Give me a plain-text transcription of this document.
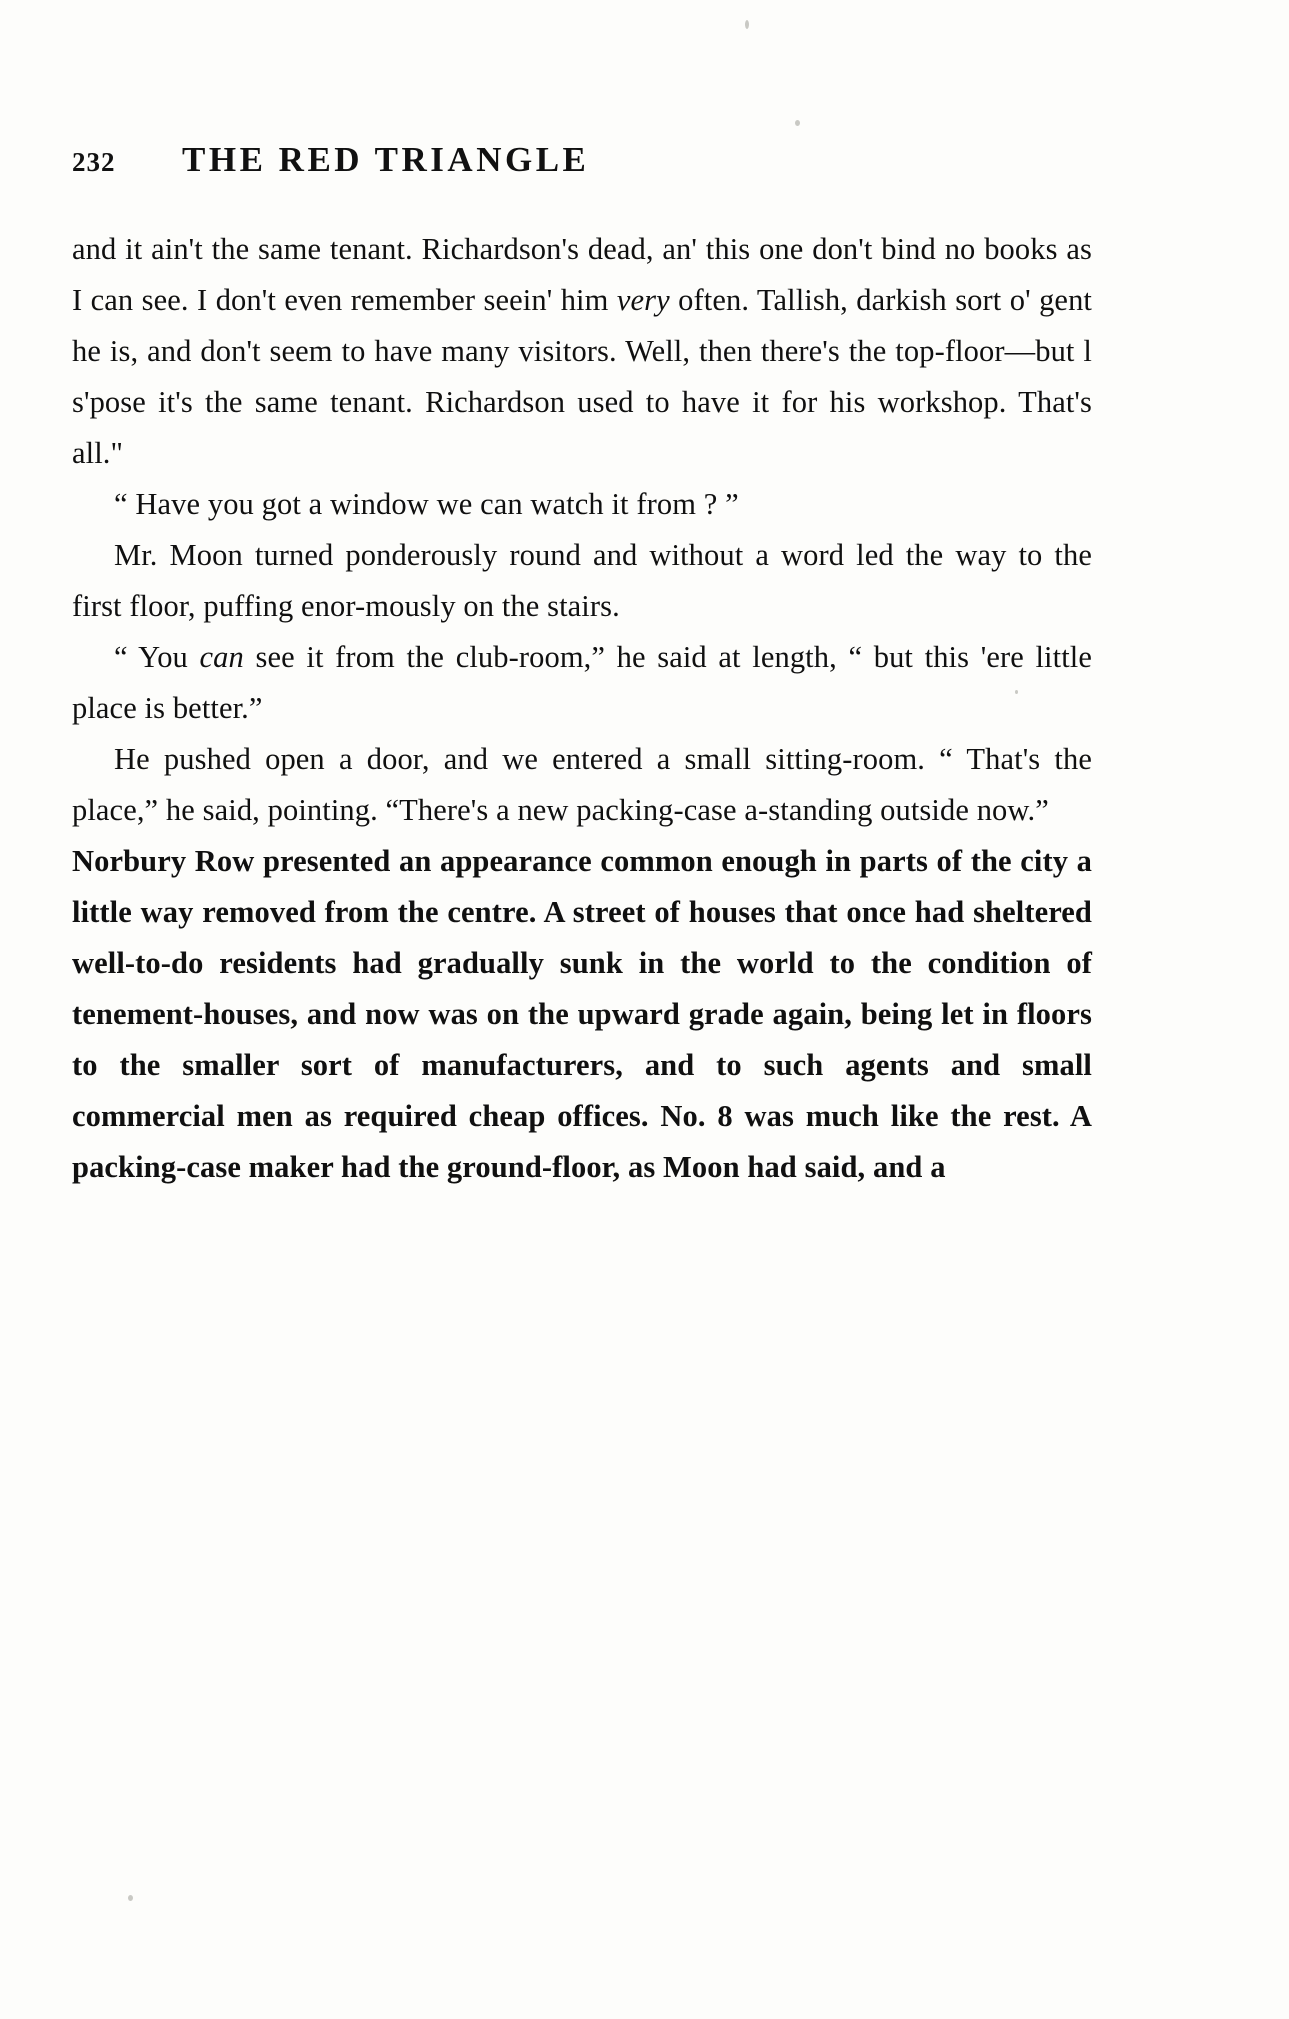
232	THE RED TRIANGLE

and it ain't the same tenant. Richardson's dead, an' this one don't bind no books as I can see. I don't even remember seein' him very often. Tallish, darkish sort o' gent he is, and don't seem to have many visitors. Well, then there's the top-floor—but l s'pose it's the same tenant. Richardson used to have it for his workshop. That's all."

“ Have you got a window we can watch it from ? ”

Mr. Moon turned ponderously round and without a word led the way to the first floor, puffing enor-mously on the stairs.

“ You can see it from the club-room,” he said at length, “ but this 'ere little place is better.”

He pushed open a door, and we entered a small sitting-room. “ That's the place,” he said, pointing. “There's a new packing-case a-standing outside now.”

Norbury Row presented an appearance common enough in parts of the city a little way removed from the centre. A street of houses that once had sheltered well-to-do residents had gradually sunk in the world to the condition of tenement-houses, and now was on the upward grade again, being let in floors to the smaller sort of manufacturers, and to such agents and small commercial men as required cheap offices. No. 8 was much like the rest. A packing-case maker had the ground-floor, as Moon had said, and a
